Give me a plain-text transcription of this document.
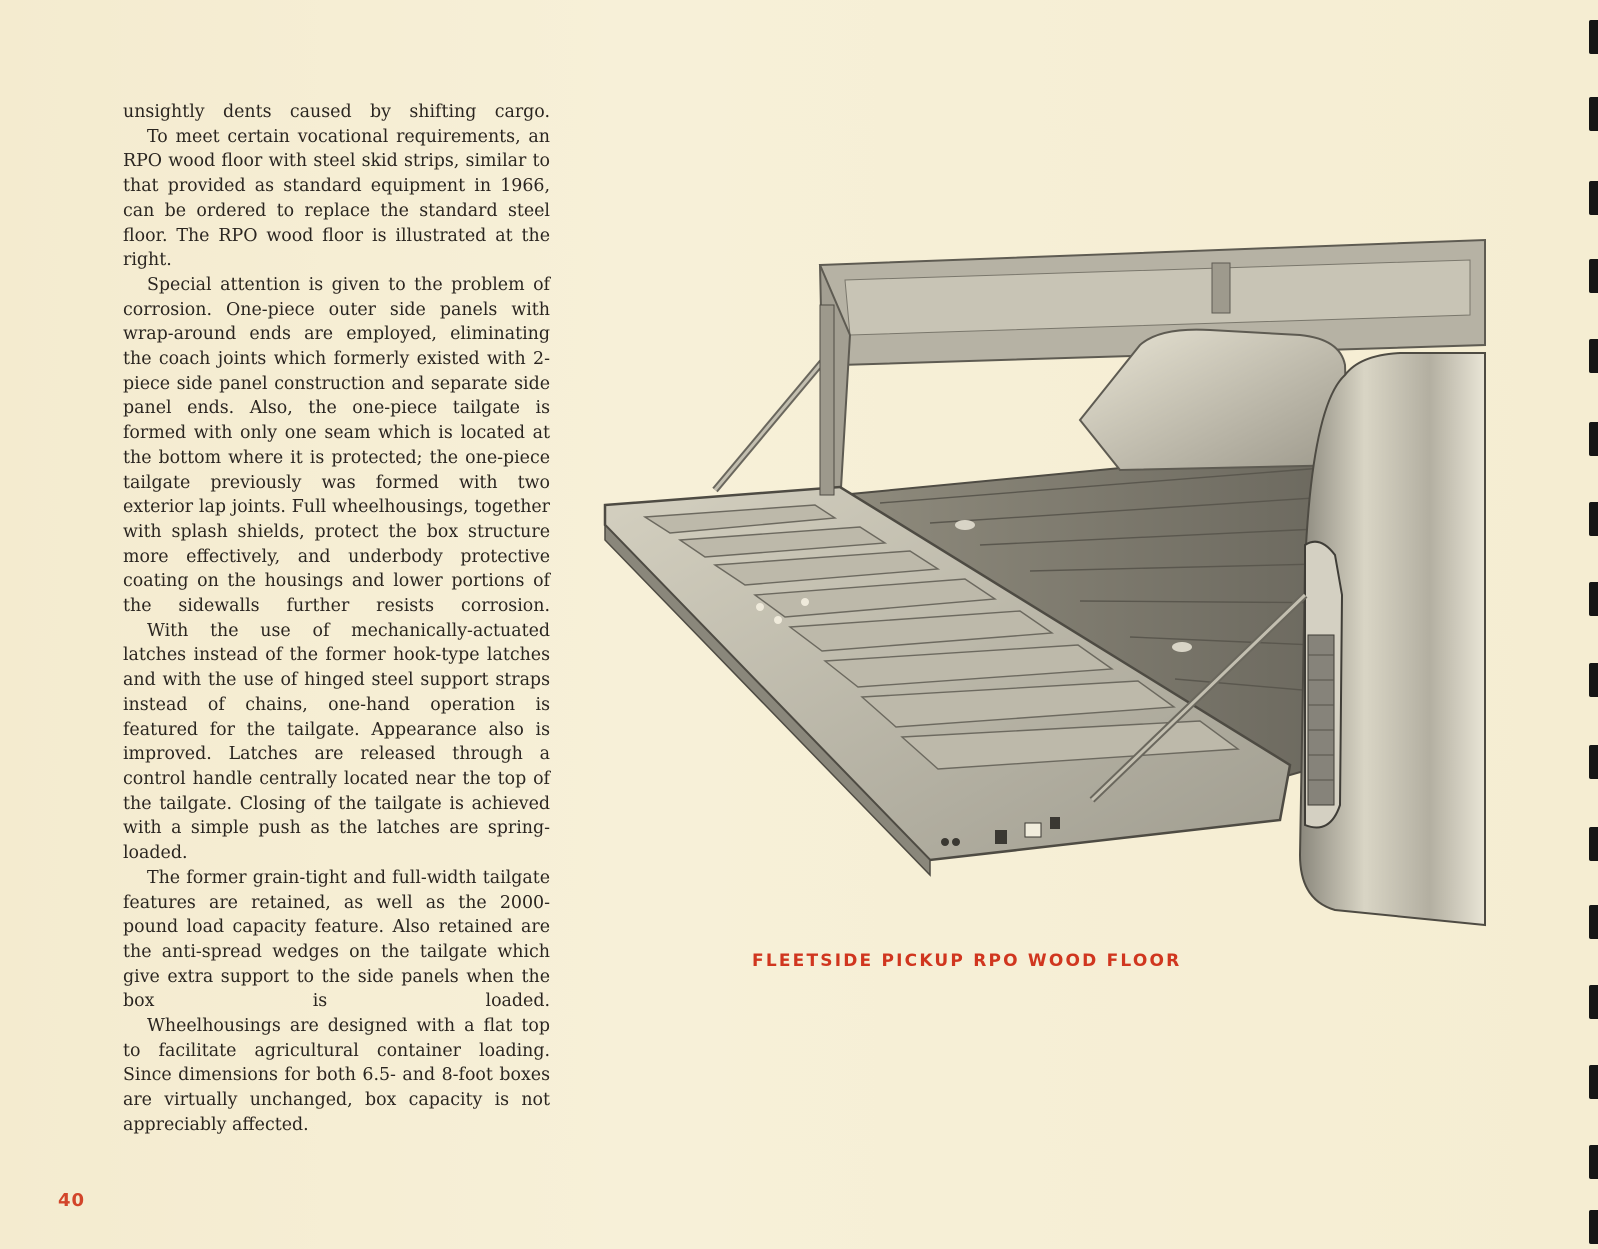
unsightly dents caused by shifting cargo.

To meet certain vocational requirements, an RPO wood floor with steel skid strips, similar to that provided as standard equipment in 1966, can be ordered to replace the standard steel floor. The RPO wood floor is illustrated at the right.

Special attention is given to the problem of corrosion. One-piece outer side panels with wrap-around ends are employed, eliminating the coach joints which formerly existed with 2-piece side panel construction and separate side panel ends. Also, the one-piece tailgate is formed with only one seam which is located at the bottom where it is protected; the one-piece tailgate previously was formed with two exterior lap joints. Full wheelhousings, together with splash shields, protect the box structure more effectively, and underbody protective coating on the housings and lower portions of the sidewalls further resists corrosion.

With the use of mechanically-actuated latches instead of the former hook-type latches and with the use of hinged steel support straps instead of chains, one-hand operation is featured for the tailgate. Appearance also is improved. Latches are released through a control handle centrally located near the top of the tailgate. Closing of the tailgate is achieved with a simple push as the latches are spring-loaded.

The former grain-tight and full-width tailgate features are retained, as well as the 2000-pound load capacity feature. Also retained are the anti-spread wedges on the tailgate which give extra support to the side panels when the box is loaded.

Wheelhousings are designed with a flat top to facilitate agricultural container loading. Since dimensions for both 6.5- and 8-foot boxes are virtually unchanged, box capacity is not appreciably affected.

FLEETSIDE PICKUP RPO WOOD FLOOR
40
